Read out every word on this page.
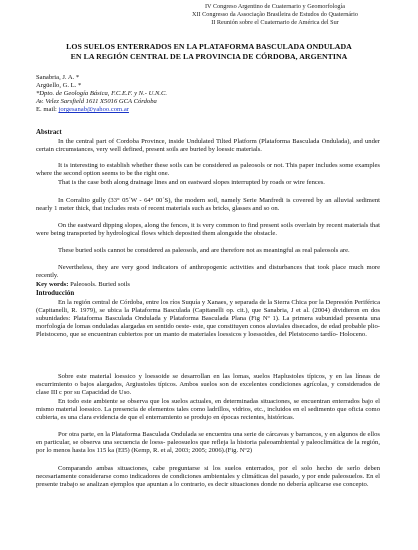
IV Congreso Argentino de Cuaternario y Geomorfología
XII Congresso da Associação Brasileira de Estudos do Quaternário
II Reunión sobre el Cuaternario de América del Sur
LOS SUELOS ENTERRADOS EN LA PLATAFORMA BASCULADA ONDULADA
EN LA REGIÓN CENTRAL DE LA PROVINCIA DE CÓRDOBA, ARGENTINA
Sanabria, J. A. *
Argüello, G. L. *
*Dpto. de Geología Básica, F.C.E.F. y N.- U.N.C.
Av. Velez Sarsfield 1611 X5016 GCA Córdoba
E. mail: jorgesanab@yahoo.com.ar
Abstract
In the central part of Cordoba Province, inside Undulated Tilted Platform (Plataforma Basculada Ondulada), and under certain circumstances, very well defined, present soils are buried by loessic materials.
It is interesting to establish whether these soils can be considered as paleosols or not. This paper includes some examples where the second option seems to be the right one.
That is the case both along drainage lines and on eastward slopes interrupted by roads or wire fences.
In Corralito gully (33° 05´W - 64° 00´S), the modern soil, namely Serie Manfredi is covered by an alluvial sediment nearly 1 meter thick, that includes rests of recent materials such as bricks, glasses and so on.
On the eastward dipping slopes, along the fences, it is very common to find present soils overlain by recent materials that were being transported by hydrological flows which deposited them alongside the obstacle.
These buried soils cannot be considered as paleosols, and are therefore not as meaningful as real paleosols are.
Nevertheless, they are very good indicators of anthropogenic activities and disturbances that took place much more recently.
Key words: Paleosols. Buried soils
Introducción
En la región central de Córdoba, entre los ríos Suquía y Xanaes, y separada de la Sierra Chica por la Depresión Periférica (Capitanelli, R. 1979), se ubica la Plataforma Basculada (Capitanelli op. cit.), que Sanabria, J et al. (2004) dividieron en dos subunidades: Plataforma Basculada Ondulada y Plataforma Basculada Plana (Fig Nº 1). La primera subunidad presenta una morfología de lomas onduladas alargadas en sentido oeste- este, que constituyen conos aluviales disecados, de edad probable plio- Pleistoceno, que se encuentran cubiertos por un manto de materiales loessicos y loessoides, del Pleistoceno tardío- Holoceno.
Sobre este material loessico y loessoide se desarrollan en las lomas, suelos Haplustoles típicos, y en las líneas de escurrimiento o bajos alargados, Argiustoles típicos. Ambos suelos son de excelentes condiciones agrícolas, y considerados de clase III c por su Capacidad de Uso.
En todo este ambiente se observa que los suelos actuales, en determinadas situaciones, se encuentran enterrados bajo el mismo material loessico. La presencia de elementos tales como ladrillos, vidrios, etc., incluidos en el sedimento que oficia como cubierta, es una clara evidencia de que el enterramiento se produjo en épocas recientes, históricas.
Por otra parte, en la Plataforma Basculada Ondulada se encuentra una serie de cárcavas y barrancos, y en algunos de ellos en particular, se observa una secuencia de loess- paleosuelos que refleja la historia paleoambiental y paleoclimática de la región, por lo menos hasta los 115 ka (EI5) (Kemp, R. et al, 2003; 2005; 2006).(Fig. Nº2)
Comparando ambas situaciones, cabe preguntarse si los suelos enterrados, por el solo hecho de serlo deben necesariamente considerarse como indicadores de condiciones ambientales y climáticas del pasado, y por ende paleosuelos. En el presente trabajo se analizan ejemplos que apuntan a lo contrario, es decir situaciones donde no debería aplicarse ese concepto.
